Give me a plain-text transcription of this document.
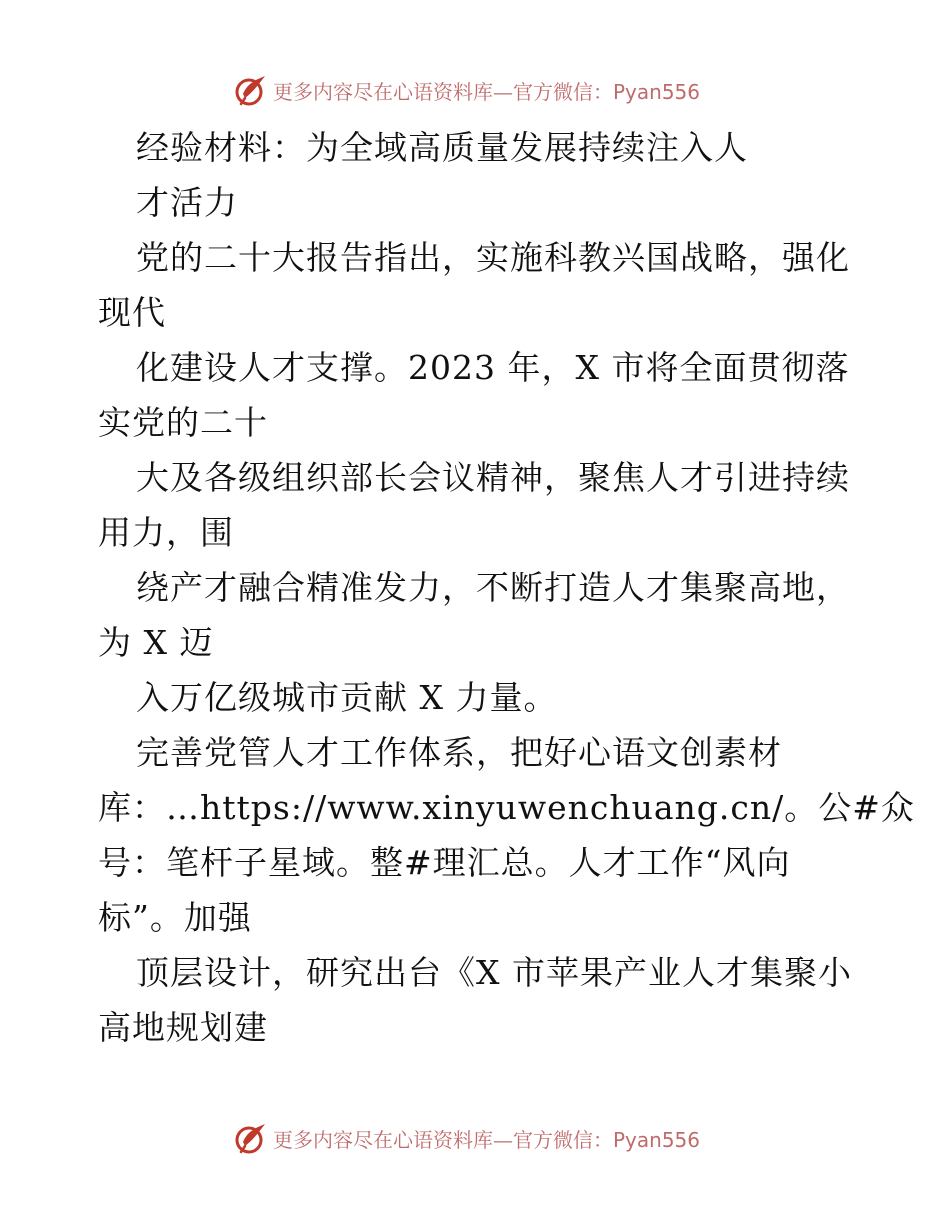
更多内容尽在心语资料库—官方微信：Pyan556
经验材料：为全域高质量发展持续注入人
才活力
党的二十大报告指出，实施科教兴国战略，强化
现代
化建设人才支撑。2023 年，X 市将全面贯彻落
实党的二十
大及各级组织部长会议精神，聚焦人才引进持续
用力，围
绕产才融合精准发力，不断打造人才集聚高地，
为 X 迈
入万亿级城市贡献 X 力量。
完善党管人才工作体系，把好心语文创素材
库：…https://www.xinyuwenchuang.cn/。公#众
号：笔杆子星域。整#理汇总。人才工作“风向
标”。加强
顶层设计，研究出台《X 市苹果产业人才集聚小
高地规划建
更多内容尽在心语资料库—官方微信：Pyan556
